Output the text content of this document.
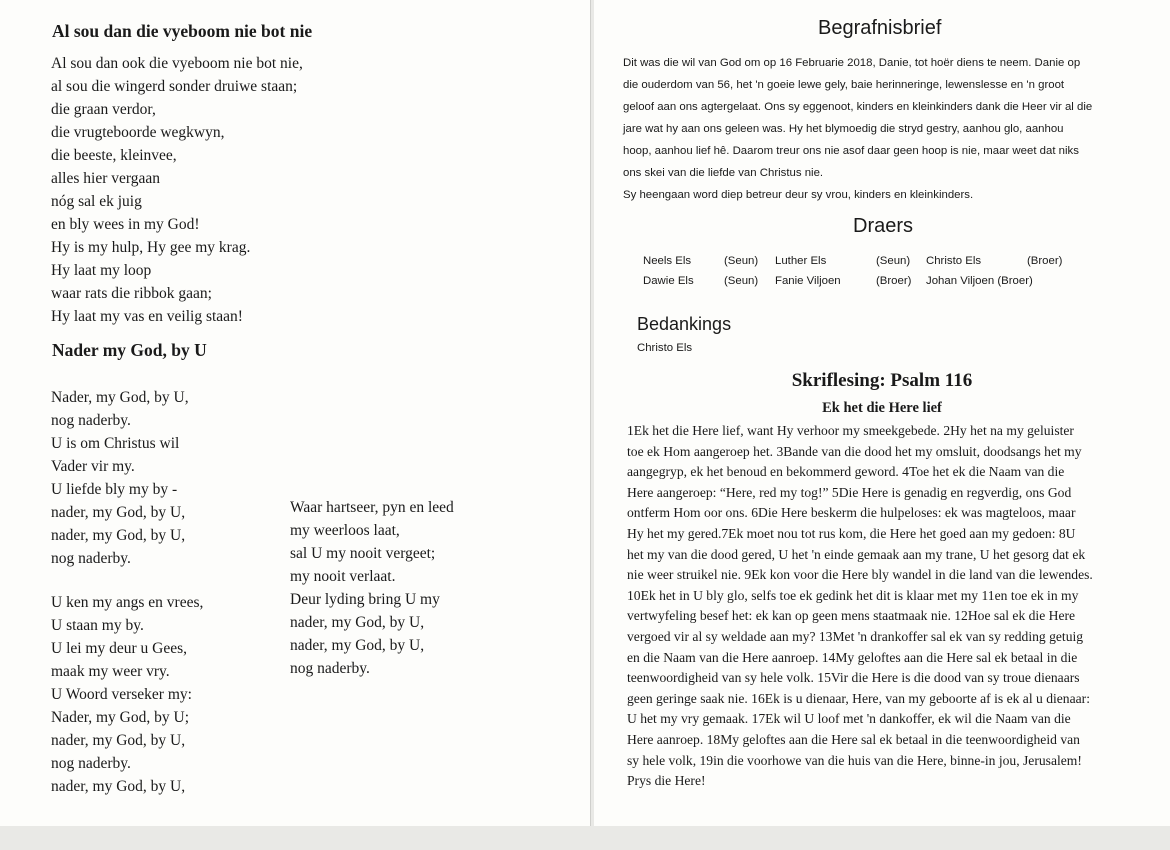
Al sou dan die vyeboom nie bot nie
Al sou dan ook die vyeboom nie bot nie,
al sou die wingerd sonder druiwe staan;
die graan verdor,
die vrugteboorde wegkwyn,
die beeste, kleinvee,
alles hier vergaan
nóg sal ek juig
en bly wees in my God!
Hy is my hulp, Hy gee my krag.
Hy laat my loop
waar rats die ribbok gaan;
Hy laat my vas en veilig staan!
Nader my God, by U
Nader, my God, by U,
nog naderby.
U is om Christus wil
Vader vir my.
U liefde bly my by -
nader, my God, by U,
nader, my God, by U,
nog naderby.
U ken my angs en vrees,
U staan my by.
U lei my deur u Gees,
maak my weer vry.
U Woord verseker my:
Nader, my God, by U;
nader, my God, by U,
nog naderby.
nader, my God, by U,
Waar hartseer, pyn en leed
my weerloos laat,
sal U my nooit vergeet;
my nooit verlaat.
Deur lyding bring U my
nader, my God, by U,
nader, my God, by U,
nog naderby.
Begrafnisbrief
Dit was die wil van God om op 16 Februarie 2018, Danie, tot hoër diens te neem. Danie op
die ouderdom van 56, het 'n goeie lewe gely, baie herinneringe, lewenslesse en 'n groot
geloof aan ons agtergelaat. Ons sy eggenoot, kinders en kleinkinders dank die Heer vir al die
jare wat hy aan ons geleen was. Hy het blymoedig die stryd gestry, aanhou glo, aanhou
hoop, aanhou lief hê. Daarom treur ons nie asof daar geen hoop is nie, maar weet dat niks
ons skei van die liefde van Christus nie.
Sy heengaan word diep betreur deur sy vrou, kinders en kleinkinders.
Draers
Neels Els	(Seun) Luther Els	(Seun) Christo Els	(Broer)
Dawie Els	(Seun) Fanie Viljoen	(Broer) Johan Viljoen (Broer)
Bedankings
Christo Els
Skriflesing: Psalm 116
Ek het die Here lief
1Ek het die Here lief, want Hy verhoor my smeekgebede. 2Hy het na my geluister
toe ek Hom aangeroep het. 3Bande van die dood het my omsluit, doodsangs het my
aangegryp, ek het benoud en bekommerd geword. 4Toe het ek die Naam van die
Here aangeroep: “Here, red my tog!” 5Die Here is genadig en regverdig, ons God
ontferm Hom oor ons. 6Die Here beskerm die hulpeloses: ek was magteloos, maar
Hy het my gered.7Ek moet nou tot rus kom, die Here het goed aan my gedoen: 8U
het my van die dood gered, U het 'n einde gemaak aan my trane, U het gesorg dat ek
nie weer struikel nie. 9Ek kon voor die Here bly wandel in die land van die lewendes.
10Ek het in U bly glo, selfs toe ek gedink het dit is klaar met my 11en toe ek in my
vertwyfeling besef het: ek kan op geen mens staatmaak nie. 12Hoe sal ek die Here
vergoed vir al sy weldade aan my? 13Met 'n drankoffer sal ek van sy redding getuig
en die Naam van die Here aanroep. 14My geloftes aan die Here sal ek betaal in die
teenwoordigheid van sy hele volk. 15Vir die Here is die dood van sy troue dienaars
geen geringe saak nie. 16Ek is u dienaar, Here, van my geboorte af is ek al u dienaar:
U het my vry gemaak. 17Ek wil U loof met 'n dankoffer, ek wil die Naam van die
Here aanroep. 18My geloftes aan die Here sal ek betaal in die teenwoordigheid van
sy hele volk, 19in die voorhowe van die huis van die Here, binne-in jou, Jerusalem!
Prys die Here!
